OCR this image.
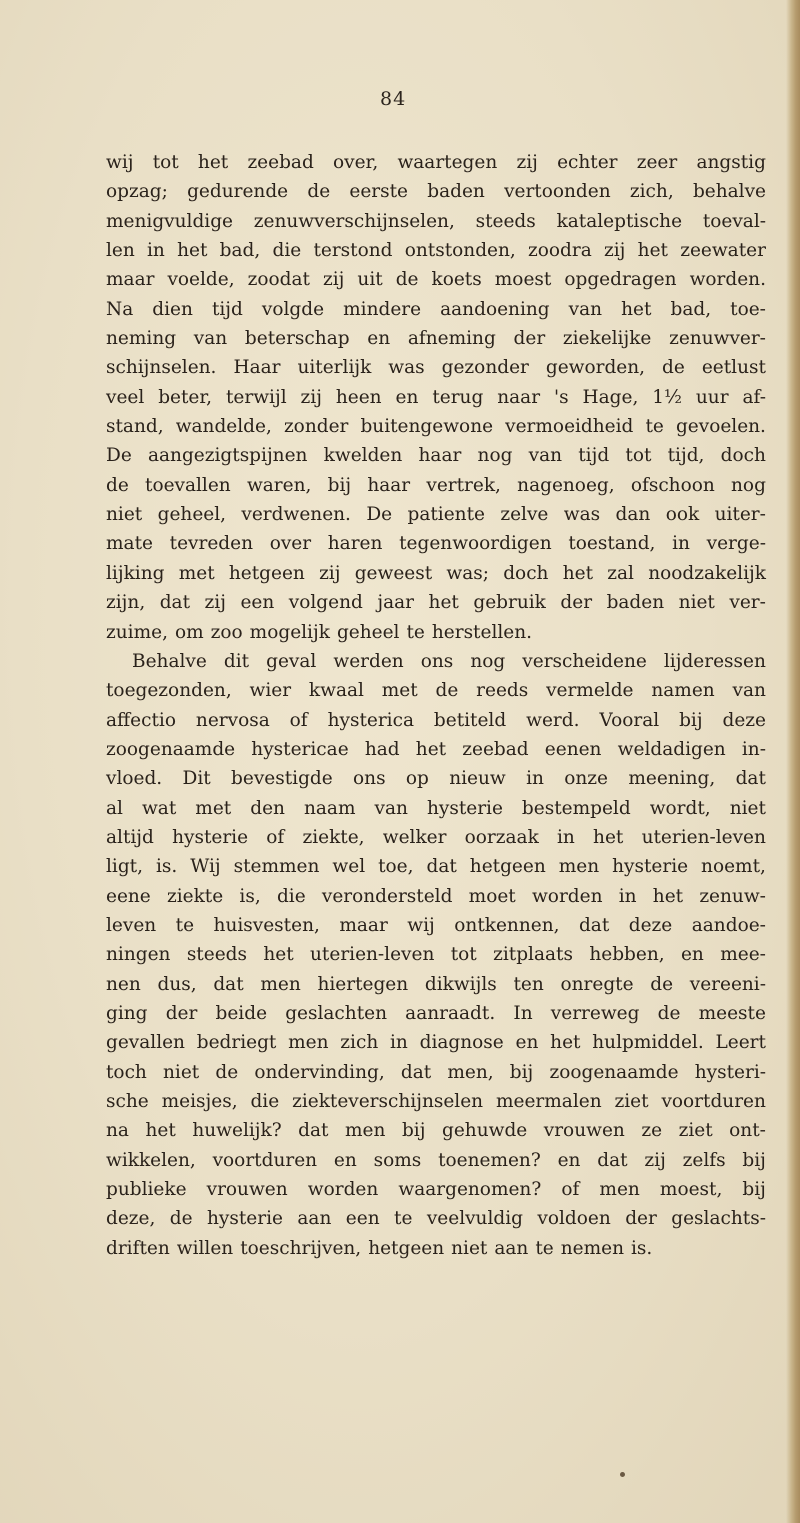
84
wij tot het zeebad over, waartegen zij echter zeer angstig
opzag; gedurende de eerste baden vertoonden zich, behalve
menigvuldige zenuwverschijnselen, steeds kataleptische toeval-
len in het bad, die terstond ontstonden, zoodra zij het zeewater
maar voelde, zoodat zij uit de koets moest opgedragen worden.
Na dien tijd volgde mindere aandoening van het bad, toe-
neming van beterschap en afneming der ziekelijke zenuwver-
schijnselen. Haar uiterlijk was gezonder geworden, de eetlust
veel beter, terwijl zij heen en terug naar 's Hage, 1½ uur af-
stand, wandelde, zonder buitengewone vermoeidheid te gevoelen.
De aangezigtspijnen kwelden haar nog van tijd tot tijd, doch
de toevallen waren, bij haar vertrek, nagenoeg, ofschoon nog
niet geheel, verdwenen. De patiente zelve was dan ook uiter-
mate tevreden over haren tegenwoordigen toestand, in verge-
lijking met hetgeen zij geweest was; doch het zal noodzakelijk
zijn, dat zij een volgend jaar het gebruik der baden niet ver-
zuime, om zoo mogelijk geheel te herstellen.
Behalve dit geval werden ons nog verscheidene lijderessen
toegezonden, wier kwaal met de reeds vermelde namen van
affectio nervosa of hysterica betiteld werd. Vooral bij deze
zoogenaamde hystericae had het zeebad eenen weldadigen in-
vloed. Dit bevestigde ons op nieuw in onze meening, dat
al wat met den naam van hysterie bestempeld wordt, niet
altijd hysterie of ziekte, welker oorzaak in het uterien-leven
ligt, is. Wij stemmen wel toe, dat hetgeen men hysterie noemt,
eene ziekte is, die verondersteld moet worden in het zenuw-
leven te huisvesten, maar wij ontkennen, dat deze aandoe-
ningen steeds het uterien-leven tot zitplaats hebben, en mee-
nen dus, dat men hiertegen dikwijls ten onregte de vereeni-
ging der beide geslachten aanraadt. In verreweg de meeste
gevallen bedriegt men zich in diagnose en het hulpmiddel. Leert
toch niet de ondervinding, dat men, bij zoogenaamde hysteri-
sche meisjes, die ziekteverschijnselen meermalen ziet voortduren
na het huwelijk? dat men bij gehuwde vrouwen ze ziet ont-
wikkelen, voortduren en soms toenemen? en dat zij zelfs bij
publieke vrouwen worden waargenomen? of men moest, bij
deze, de hysterie aan een te veelvuldig voldoen der geslachts-
driften willen toeschrijven, hetgeen niet aan te nemen is.
